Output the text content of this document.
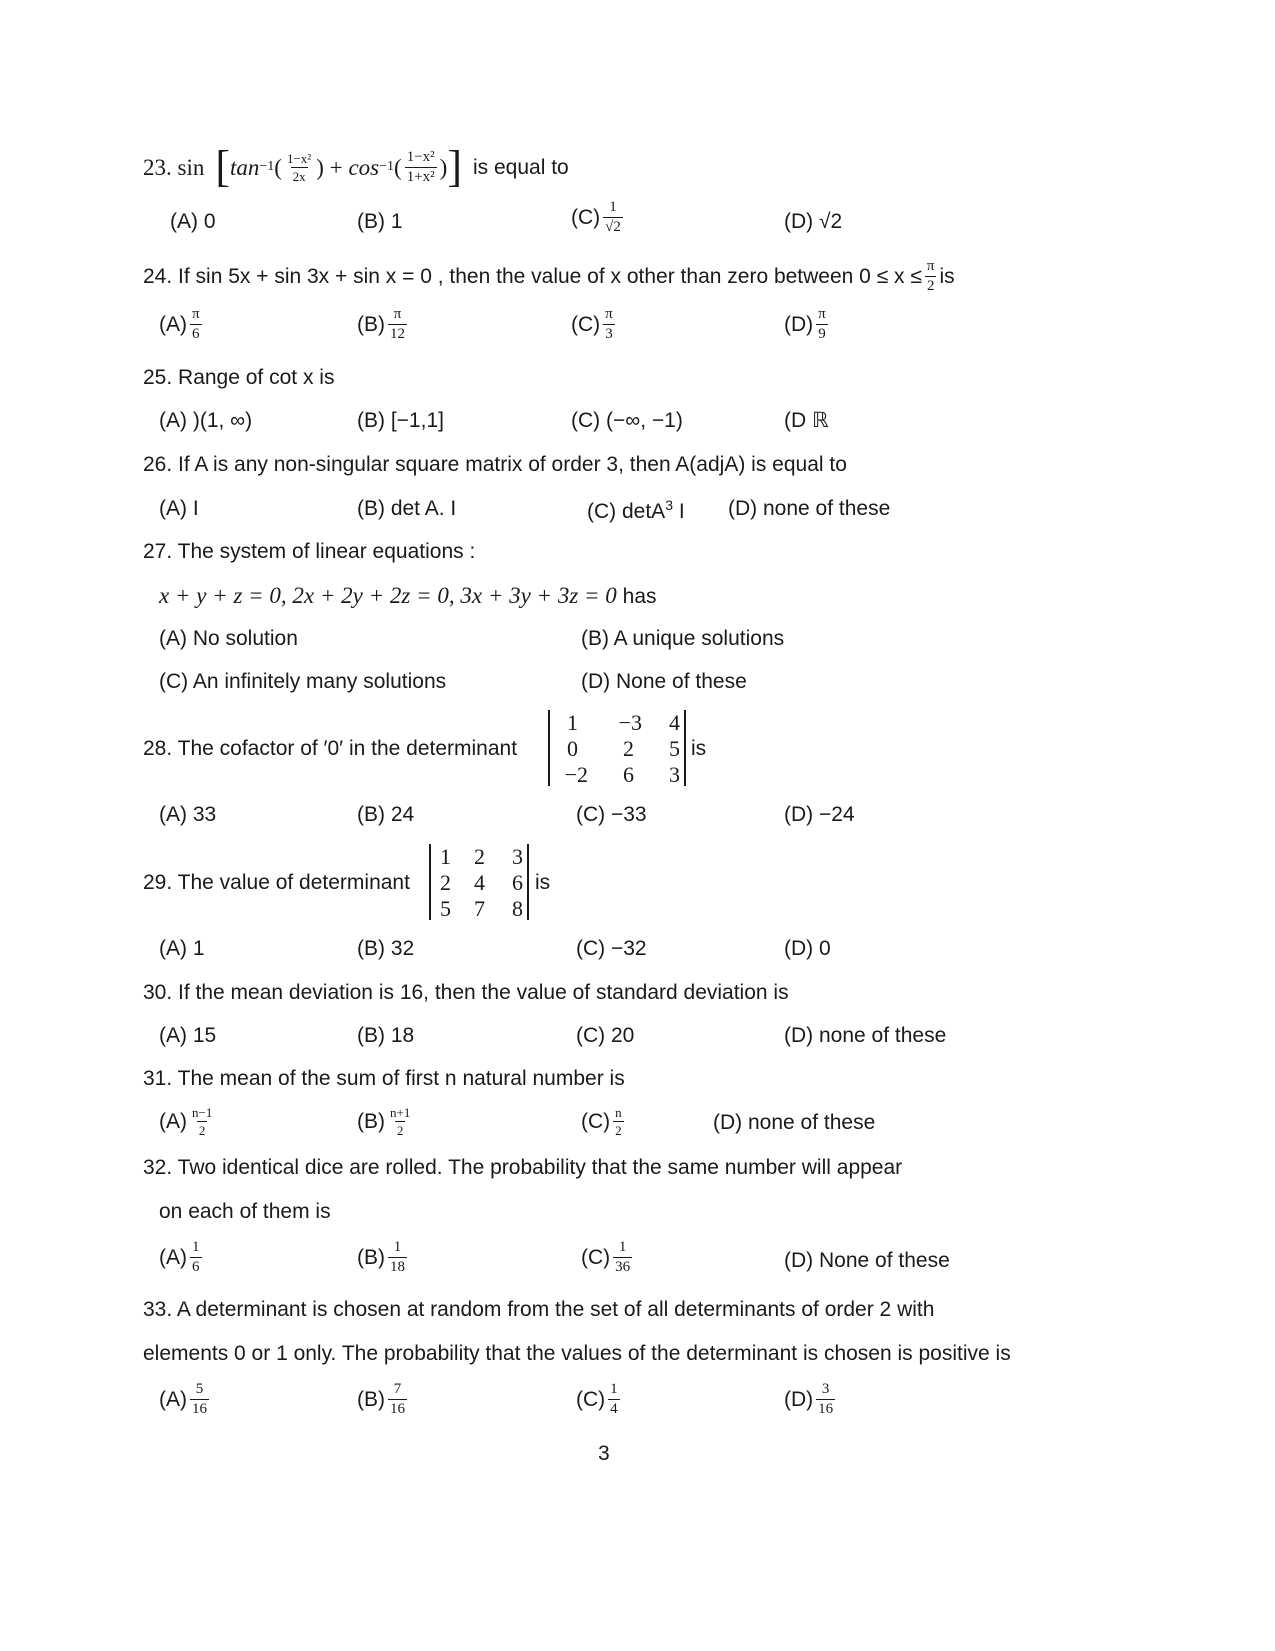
23. sin [ tan −1 ( $\frac{\text{1−x²}}{2x}$ ) +
cos −1 ( $\frac{\text{1−x²}}{\text{1+x²}}$ ) ] is equal to
(A) 0	(B) 1	$(C) \frac{1}{√2}$	(D) √2
24. If sin 5x + sin 3x + sin x = 0 , then the value of x other than zero between $0 \le x \le \frac{\pi}{2}$ is
$(A) \frac{\pi}{6}$	$(B) \frac{\pi}{12}$	$(C) \frac{\pi}{3}$	$(D) \frac{\pi}{9}$
25. Range of cot x is
(A) )(1, ∞)	(B) [−1,1]	(C) (−∞, −1)	(D ℝ
26. If A is any non-singular square matrix of order 3, then A(adjA) is equal to
(A) I	(B) det A. I	(C) detA$^3$ I (D) none of these
27. The system of linear equations :
x + y + z = 0, 2x + 2y + 2z = 0, 3x + 3y + 3z = 0 has
(A) No solution	(B) A unique solutions
(C) An infinitely many solutions	(D) None of these
28. The cofactor of ′0′ in the determinant
1	−3	4
0	2	5
−2	6	3
is
(A) 33	(B) 24	(C) −33	(D) −24
29. The value of determinant
1	2	3
2	4	6
5	7	8
is
(A) 1	(B) 32	(C) −32	(D) 0
30. If the mean deviation is 16, then the value of standard deviation is
(A) 15	(B) 18	(C) 20	(D) none of these
31. The mean of the sum of first n natural number is
$(A) \frac{n-1}{2}$	$(B) \frac{n+1}{2}$	$(C) \frac{n}{2}$	(D) none of these
32. Two identical dice are rolled. The probability that the same number will appear
on each of them is
$(A) \frac{1}{6}$	$(B) \frac{1}{18}$	$(C) \frac{1}{36}$	(D) None of these
33. A determinant is chosen at random from the set of all determinants of order 2 with
elements 0 or 1 only. The probability that the values of the determinant is chosen is positive is
$(A) \frac{5}{16}$	$(B) \frac{7}{16}$	$(C) \frac{1}{4}$	$(D) \frac{3}{16}$
3
